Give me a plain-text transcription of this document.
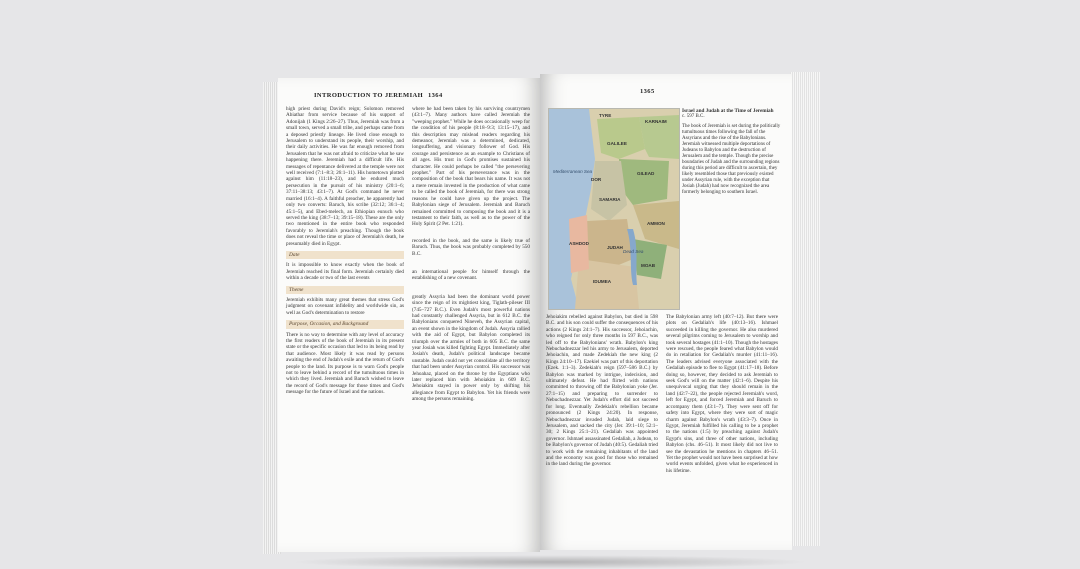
INTRODUCTION TO JEREMIAH 1364
high priest during David's reign; Solomon removed Abiathar from service because of his support of Adonijah (1 Kings 2:26–27). Thus, Jeremiah was from a small town, served a small tribe, and perhaps came from a deposed priestly lineage. He lived close enough to Jerusalem to understand its people, their worship, and their daily activities. He was far enough removed from Jerusalem that he was not afraid to criticize what he saw happening there. Jeremiah had a difficult life. His messages of repentance delivered at the temple were not well received (7:1–8:3; 26:1–11). His hometown plotted against him (11:18–23), and he endured much persecution in the pursuit of his ministry (20:1–6; 37:11–38:13; 43:1–7). At God's command he never married (16:1–4). A faithful preacher, he apparently had only two converts: Baruch, his scribe (32:12; 36:1–4; 45:1–5), and Ebed-melech, an Ethiopian eunuch who served the king (38:7–13; 39:15–18). These are the only two mentioned in the entire book who responded favorably to Jeremiah's preaching. Though the book does not reveal the time or place of Jeremiah's death, he presumably died in Egypt.
Date
It is impossible to know exactly when the book of Jeremiah reached its final form. Jeremiah certainly died within a decade or two of the last events
Theme
Jeremiah exhibits many great themes that stress God's judgment on covenant infidelity and worldwide sin, as well as God's determination to restore
Purpose, Occasion, and Background
There is no way to determine with any level of accuracy the first readers of the book of Jeremiah in its present state or the specific occasion that led to its being read by that audience. Most likely it was read by persons awaiting the end of Judah's exile and the return of God's people to the land. Its purpose is to warn God's people not to leave behind a record of the tumultuous times in which they lived. Jeremiah and Baruch wished to leave the record of God's message for those times and God's message for the future of Israel and the nations.
where he had been taken by his surviving countrymen (43:1–7). Many authors have called Jeremiah the "weeping prophet." While he does occasionally weep for the condition of his people (8:18–9:3; 13:15–17), and this description may mislead readers regarding his demeanor, Jeremiah was a determined, dedicated, longsuffering, and visionary follower of God. His courage and persistence as an example to Christians of all ages. His trust in God's promises sustained his character. He could perhaps be called "the persevering prophet." Part of his perseverance was in the composition of the book that bears his name. It was not a mere remain invested in the production of what came to be called the book of Jeremiah, for there was strong reasons he could have given up the project. The Babylonian siege of Jerusalem. Jeremiah and Baruch remained committed to composing the book and it is a testament to their faith, as well as to the power of the Holy Spirit (2 Pet. 1:21).
recorded in the book, and the same is likely true of Baruch. Thus, the book was probably completed by 550 B.C.
an international people for himself through the establishing of a new covenant.
greatly Assyria had been the dominant world power since the reign of its mightiest king, Tiglath-pileser III (745–727 B.C.). Even Judah's most powerful nations had constantly challenged Assyria, but in 612 B.C. the Babylonians conquered Nineveh, the Assyrian capital, an event shown in the kingdom of Judah. Assyria rallied with the aid of Egypt, but Babylon completed its triumph over the armies of both in 605 B.C. the same year Josiah was killed fighting Egypt. Immediately after Josiah's death, Judah's political landscape became unstable. Judah could not yet consolidate all the territory that had been under Assyrian control. His successor was Jehoahaz, placed on the throne by the Egyptians who later replaced him with Jehoiakim in 609 B.C. Jehoiakim stayed in power only by shifting his allegiance from Egypt to Babylon. Yet his friends were among the persons remaining.
1365
TYRE
KARNAIM
GALILEE
GILEAD
SAMARIA
AMMON
JUDAH
ASHDOD
MOAB
IDUMEA
DOR
Mediterranean Sea
Dead Sea
Israel and Judah at the Time of Jeremiah
c. 597 B.C.
The book of Jeremiah is set during the politically tumultuous times following the fall of the Assyrians and the rise of the Babylonians. Jeremiah witnessed multiple deportations of Judeans to Babylon and the destruction of Jerusalem and the temple. Though the precise boundaries of Judah and the surrounding regions during this period are difficult to ascertain, they likely resembled those that previously existed under Assyrian rule, with the exception that Josiah (Judah) had now recognized the area formerly belonging to southern Israel.
Jehoiakim rebelled against Babylon, but died in 598 B.C. and his son could suffer the consequences of his actions (2 Kings 24:1–7). His successor, Jehoiachin, who reigned for only three months in 597 B.C., was led off to the Babylonians' wrath. Babylon's king Nebuchadnezzar led his army to Jerusalem, deported Jehoiachin, and made Zedekiah the new king (2 Kings 24:10–17). Ezekiel was part of this deportation (Ezek. 1:1–3). Zedekiah's reign (597–586 B.C.) by Babylon was marked by intrigue, indecision, and ultimately defeat. He had flirted with nations committed to throwing off the Babylonian yoke (Jer. 27:1–15) and preparing to surrender to Nebuchadnezzar. Yet Judah's effort did not succeed for long. Eventually Zedekiah's rebellion became pronounced (2 Kings 24:20). In response, Nebuchadnezzar invaded Judah, laid siege to Jerusalem, and sacked the city (Jer. 39:1–10; 52:1–30; 2 Kings 25:1–21). Gedaliah was appointed governor. Ishmael assassinated Gedaliah, a Judean, to be Babylon's governor of Judah (40:5). Gedaliah tried to work with the remaining inhabitants of the land and the economy was good for those who remained in the land during the governor.
The Babylonian army left (40:7–12). But there were plots on Gedaliah's life (40:13–16). Ishmael succeeded in killing the governor. He also murdered several pilgrims coming to Jerusalem to worship and took several hostages (41:1–10). Though the hostages were rescued, the people feared what Babylon would do in retaliation for Gedaliah's murder (41:11–16). The leaders advised everyone associated with the Gedaliah episode to flee to Egypt (41:17–18). Before doing so, however, they decided to ask Jeremiah to seek God's will on the matter (42:1–6). Despite his unequivocal urging that they should remain in the land (42:7–22), the people rejected Jeremiah's word, left for Egypt, and forced Jeremiah and Baruch to accompany them (43:1–7). They were sent off for safety into Egypt, where they were sort of magic charm against Babylon's wrath (43:3–7). Once in Egypt, Jeremiah fulfilled his calling to be a prophet to the nations (1:5) by preaching against Judah's Egypt's sins, and three of other nations, including Babylon (chs. 46–51). It most likely did not live to see the devastation he mentions in chapters 46–51. Yet the prophet would not have been surprised at how world events unfolded, given what he experienced in his lifetime.
